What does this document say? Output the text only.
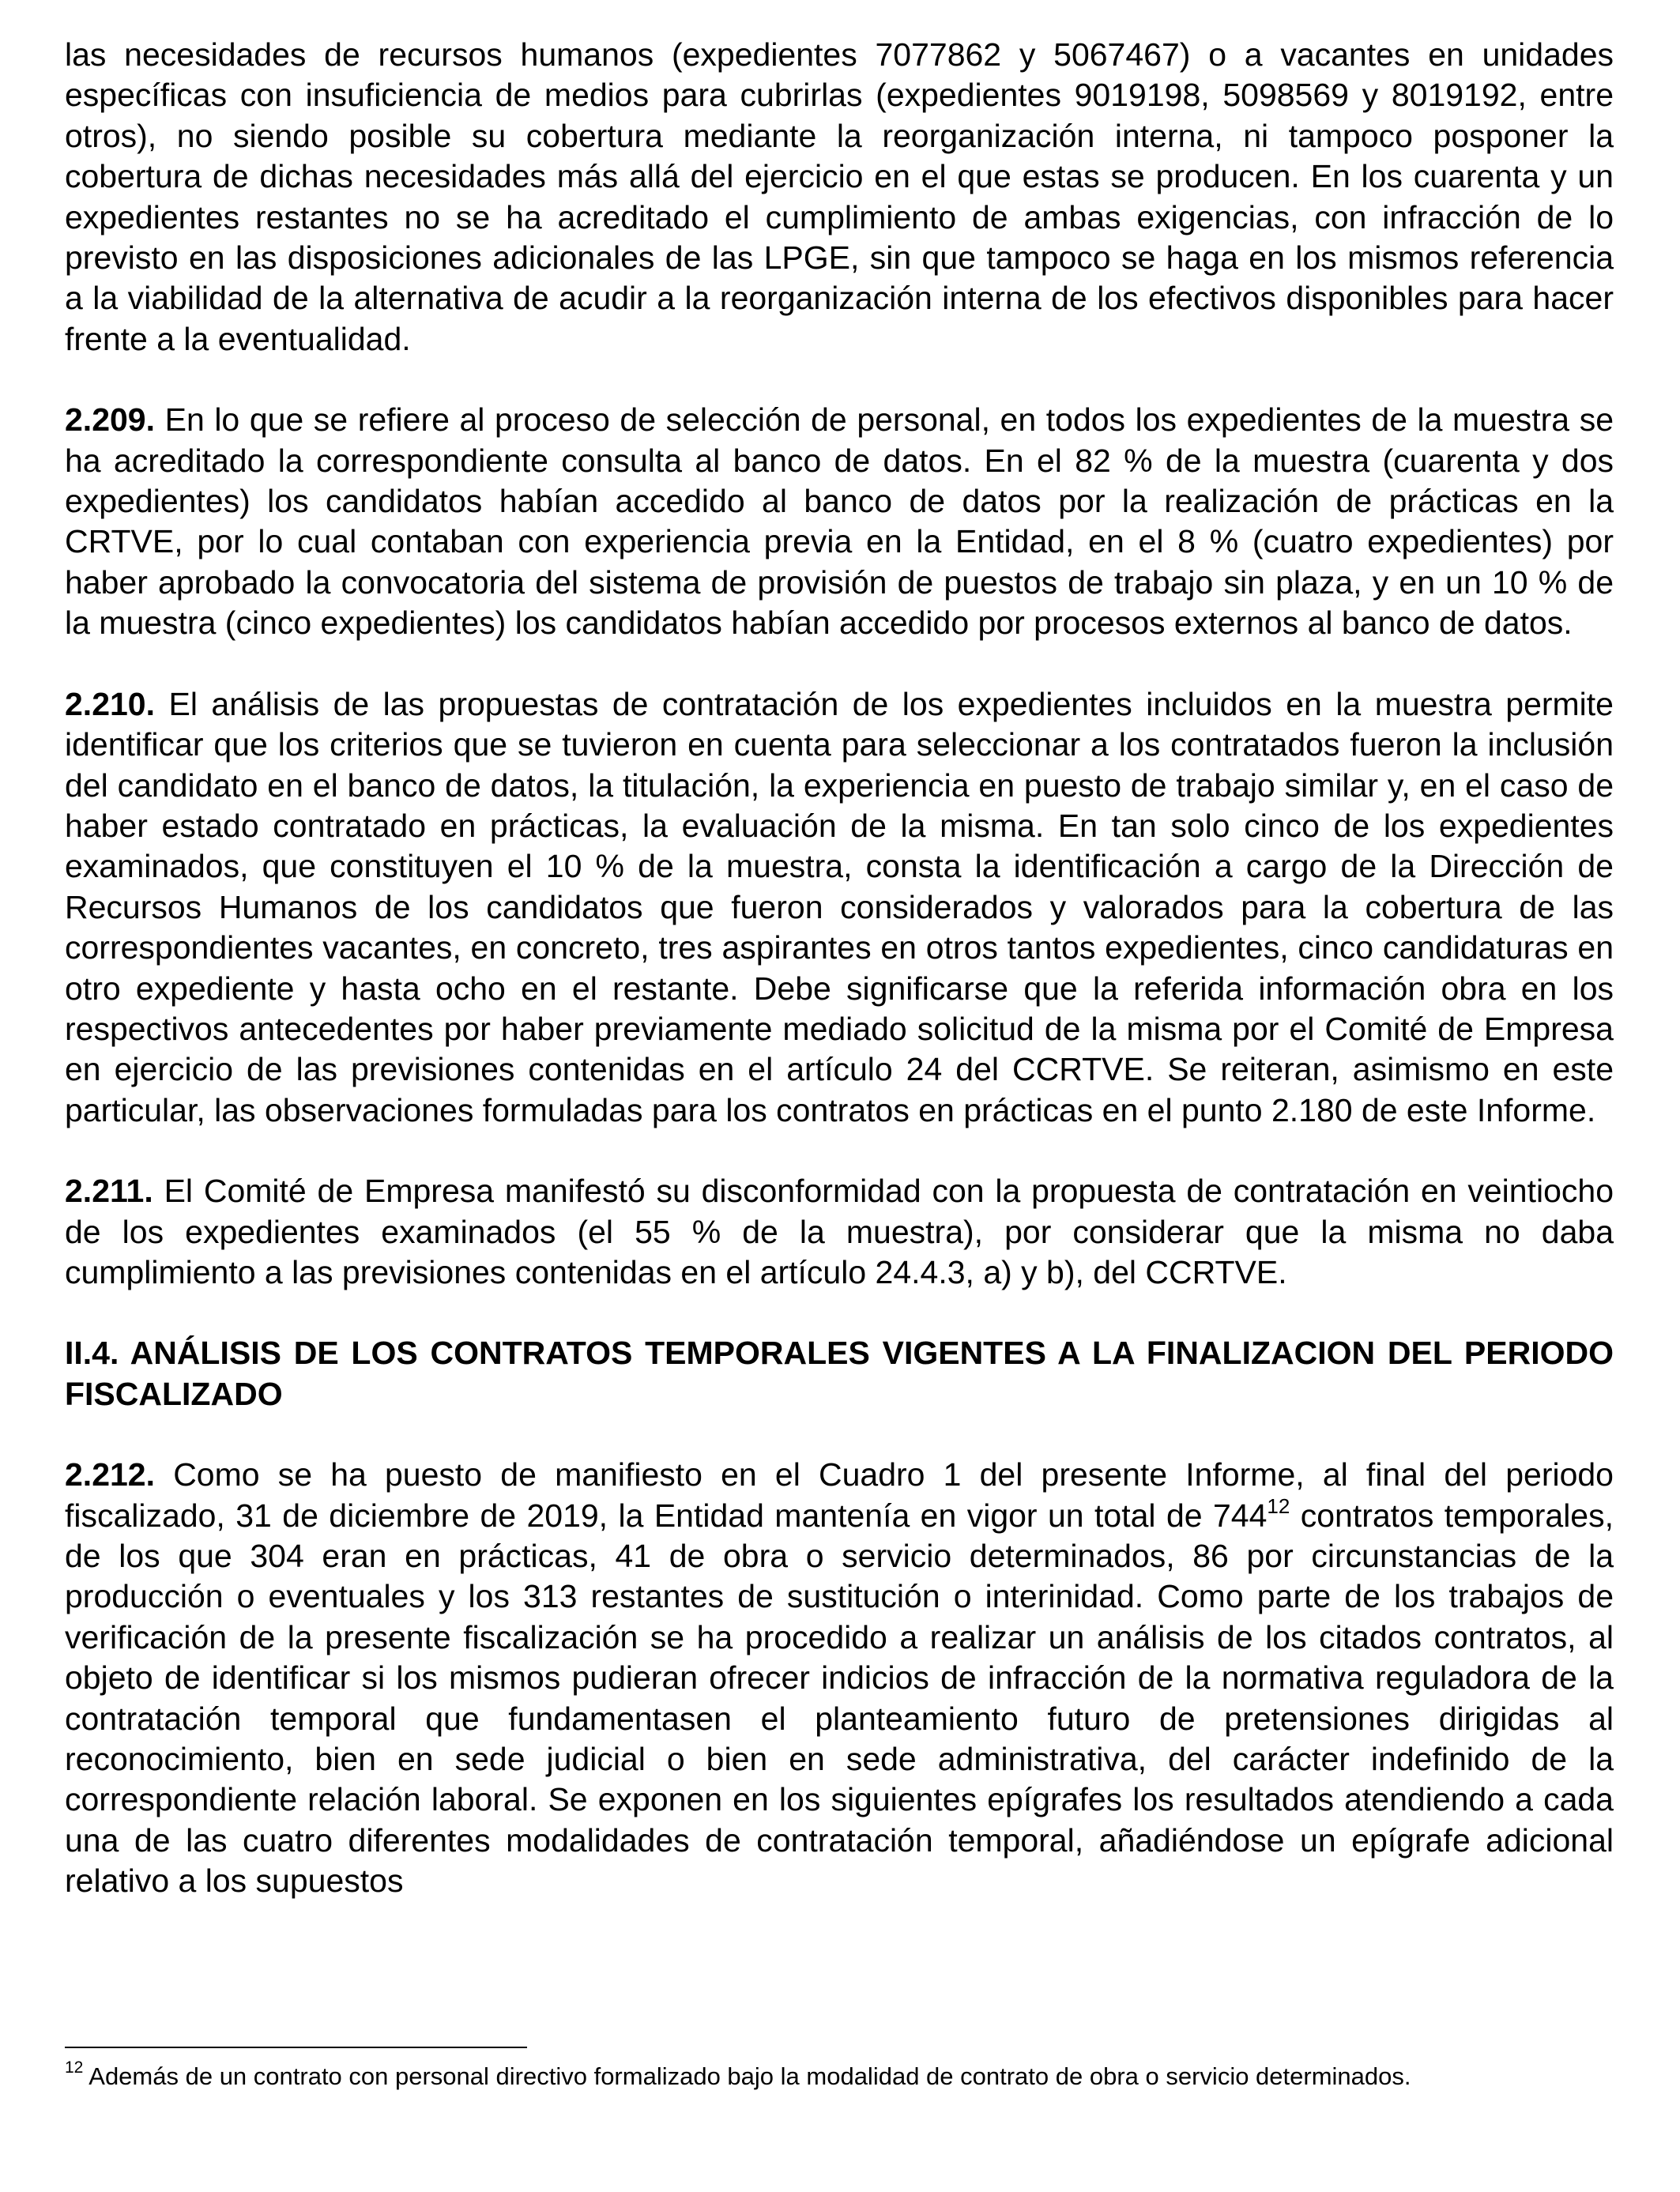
las necesidades de recursos humanos (expedientes 7077862 y 5067467) o a vacantes en unidades específicas con insuficiencia de medios para cubrirlas (expedientes 9019198, 5098569 y 8019192, entre otros), no siendo posible su cobertura mediante la reorganización interna, ni tampoco posponer la cobertura de dichas necesidades más allá del ejercicio en el que estas se producen. En los cuarenta y un expedientes restantes no se ha acreditado el cumplimiento de ambas exigencias, con infracción de lo previsto en las disposiciones adicionales de las LPGE, sin que tampoco se haga en los mismos referencia a la viabilidad de la alternativa de acudir a la reorganización interna de los efectivos disponibles para hacer frente a la eventualidad.

2.209. En lo que se refiere al proceso de selección de personal, en todos los expedientes de la muestra se ha acreditado la correspondiente consulta al banco de datos. En el 82 % de la muestra (cuarenta y dos expedientes) los candidatos habían accedido al banco de datos por la realización de prácticas en la CRTVE, por lo cual contaban con experiencia previa en la Entidad, en el 8 % (cuatro expedientes) por haber aprobado la convocatoria del sistema de provisión de puestos de trabajo sin plaza, y en un 10 % de la muestra (cinco expedientes) los candidatos habían accedido por procesos externos al banco de datos.

2.210. El análisis de las propuestas de contratación de los expedientes incluidos en la muestra permite identificar que los criterios que se tuvieron en cuenta para seleccionar a los contratados fueron la inclusión del candidato en el banco de datos, la titulación, la experiencia en puesto de trabajo similar y, en el caso de haber estado contratado en prácticas, la evaluación de la misma. En tan solo cinco de los expedientes examinados, que constituyen el 10 % de la muestra, consta la identificación a cargo de la Dirección de Recursos Humanos de los candidatos que fueron considerados y valorados para la cobertura de las correspondientes vacantes, en concreto, tres aspirantes en otros tantos expedientes, cinco candidaturas en otro expediente y hasta ocho en el restante. Debe significarse que la referida información obra en los respectivos antecedentes por haber previamente mediado solicitud de la misma por el Comité de Empresa en ejercicio de las previsiones contenidas en el artículo 24 del CCRTVE. Se reiteran, asimismo en este particular, las observaciones formuladas para los contratos en prácticas en el punto 2.180 de este Informe.

2.211. El Comité de Empresa manifestó su disconformidad con la propuesta de contratación en veintiocho de los expedientes examinados (el 55 % de la muestra), por considerar que la misma no daba cumplimiento a las previsiones contenidas en el artículo 24.4.3, a) y b), del CCRTVE.

II.4. ANÁLISIS DE LOS CONTRATOS TEMPORALES VIGENTES A LA FINALIZACION DEL PERIODO FISCALIZADO

2.212. Como se ha puesto de manifiesto en el Cuadro 1 del presente Informe, al final del periodo fiscalizado, 31 de diciembre de 2019, la Entidad mantenía en vigor un total de $744^{12}$ contratos temporales, de los que 304 eran en prácticas, 41 de obra o servicio determinados, 86 por circunstancias de la producción o eventuales y los 313 restantes de sustitución o interinidad. Como parte de los trabajos de verificación de la presente fiscalización se ha procedido a realizar un análisis de los citados contratos, al objeto de identificar si los mismos pudieran ofrecer indicios de infracción de la normativa reguladora de la contratación temporal que fundamentasen el planteamiento futuro de pretensiones dirigidas al reconocimiento, bien en sede judicial o bien en sede administrativa, del carácter indefinido de la correspondiente relación laboral. Se exponen en los siguientes epígrafes los resultados atendiendo a cada una de las cuatro diferentes modalidades de contratación temporal, añadiéndose un epígrafe adicional relativo a los supuestos

$^{12}$ Además de un contrato con personal directivo formalizado bajo la modalidad de contrato de obra o servicio determinados.
